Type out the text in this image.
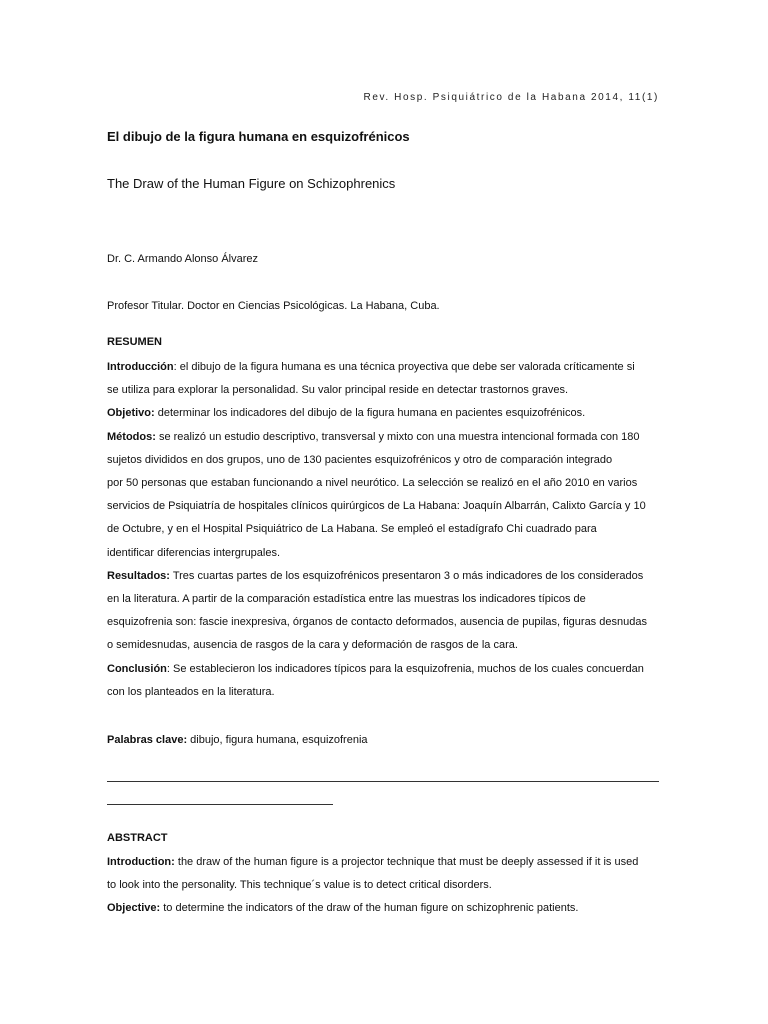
Rev. Hosp. Psiquiátrico de la Habana 2014, 11(1)
El dibujo de la figura humana en esquizofrénicos
The Draw of the Human Figure on Schizophrenics
Dr. C. Armando Alonso Álvarez
Profesor Titular. Doctor en Ciencias Psicológicas. La Habana, Cuba.
RESUMEN
Introducción: el dibujo de la figura humana es una técnica proyectiva que debe ser valorada críticamente si
se utiliza para explorar la personalidad. Su valor principal reside en detectar trastornos graves.
Objetivo: determinar los indicadores del dibujo de la figura humana en pacientes esquizofrénicos.
Métodos: se realizó un estudio descriptivo, transversal y mixto con una muestra intencional formada con 180
sujetos divididos en dos grupos, uno de 130 pacientes esquizofrénicos y otro de comparación integrado
por 50 personas que estaban funcionando a nivel neurótico. La selección se realizó en el año 2010 en varios
servicios de Psiquiatría de hospitales clínicos quirúrgicos de La Habana: Joaquín Albarrán, Calixto García y 10
de Octubre, y en el Hospital Psiquiátrico de La Habana. Se empleó el estadígrafo Chi cuadrado para
identificar diferencias intergrupales.
Resultados: Tres cuartas partes de los esquizofrénicos presentaron 3 o más indicadores de los considerados
en la literatura. A partir de la comparación estadística entre las muestras los indicadores típicos de
esquizofrenia son: fascie inexpresiva, órganos de contacto deformados, ausencia de pupilas, figuras desnudas
o semidesnudas, ausencia de rasgos de la cara y deformación de rasgos de la cara.
Conclusión: Se establecieron los indicadores típicos para la esquizofrenia, muchos de los cuales concuerdan
con los planteados en la literatura.
Palabras clave: dibujo, figura humana, esquizofrenia
ABSTRACT
Introduction: the draw of the human figure is a projector technique that must be deeply assessed if it is used
to look into the personality. This technique´s value is to detect critical disorders.
Objective: to determine the indicators of the draw of the human figure on schizophrenic patients.
